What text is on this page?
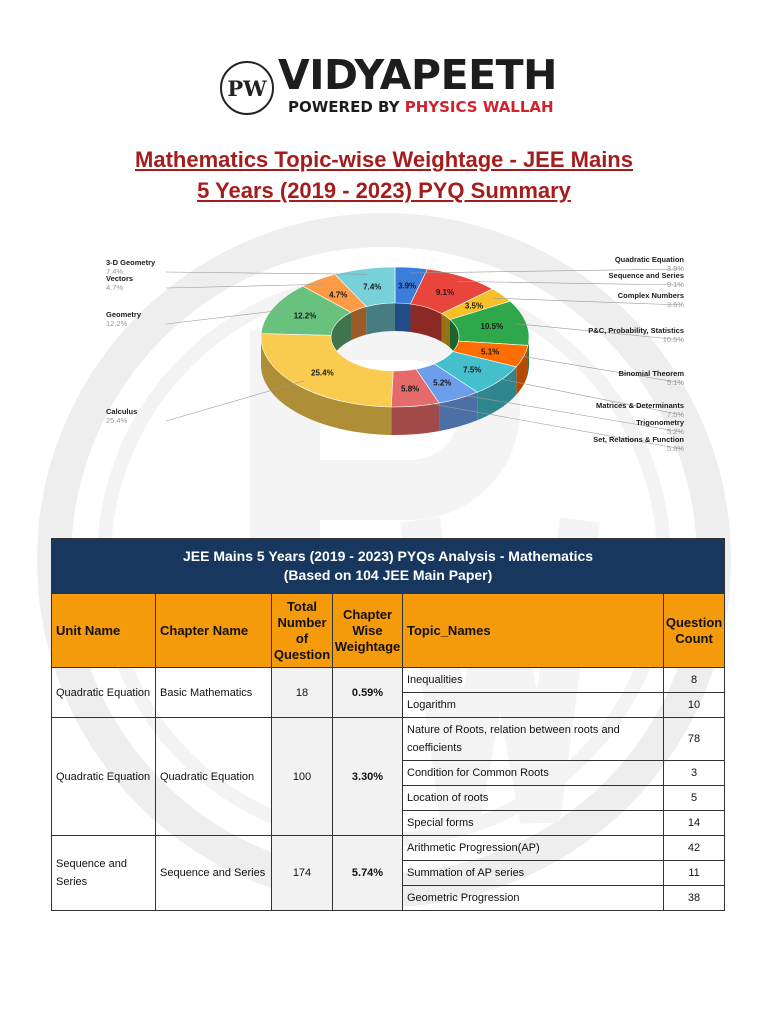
PW VIDYAPEETH
POWERED BY PHYSICS WALLAH
Mathematics Topic-wise Weightage - JEE Mains
5 Years (2019 - 2023) PYQ Summary
3.9%
9.1%
3.5%
10.5%
5.1%
7.5%
5.2%
5.8%
25.4%
12.2%
4.7%
7.4%
Quadratic Equation
3.9%
Sequence and Series
9.1%
Complex Numbers
3.5%
P&C, Probability, Statistics
10.5%
Binomial Theorem
5.1%
Matrices & Determinants
7.5%
Trigonometry
5.2%
Set, Relations & Function
5.8%
Calculus
25.4%
Geometry
12.2%
Vectors
4.7%
3-D Geometry
7.4%
JEE Mains 5 Years (2019 - 2023) PYQs Analysis - Mathematics
(Based on 104 JEE Main Paper)					

Unit Name	Chapter Name	Total Number of Question	Chapter Wise Weightage	Topic_Names	Question Count
Quadratic Equation	Basic Mathematics	18	0.59%	Inequalities	8
				Logarithm	10
Quadratic Equation	Quadratic Equation	100	3.30%	Nature of Roots, relation between roots and coefficients	78
				Condition for Common Roots	3
				Location of roots	5
				Special forms	14
Sequence and Series	Sequence and Series	174	5.74%	Arithmetic Progression(AP)	42
				Summation of AP series	11
				Geometric Progression	38
